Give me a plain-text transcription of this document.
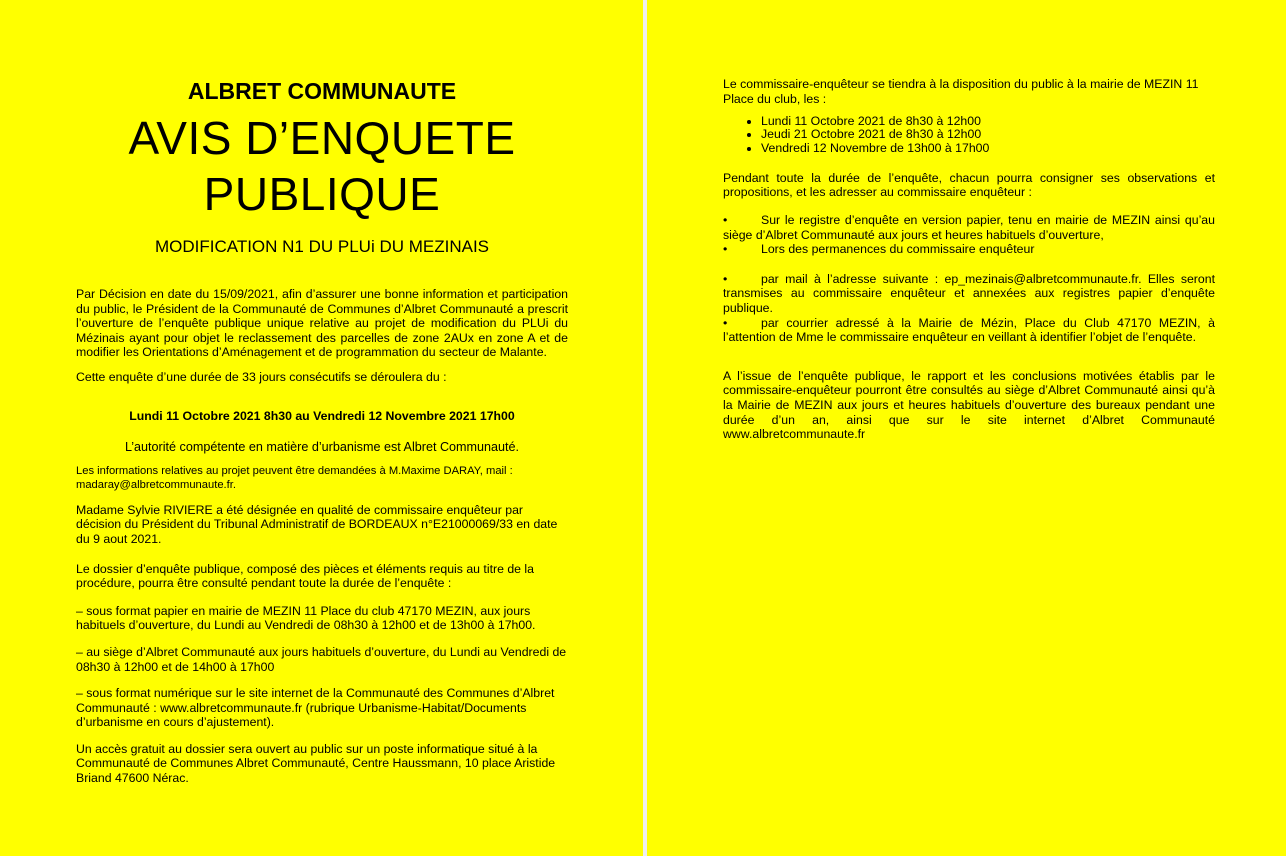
ALBRET COMMUNAUTE

AVIS D’ENQUETE
PUBLIQUE

MODIFICATION N1 DU PLUi DU MEZINAIS

Par Décision en date du 15/09/2021, afin d’assurer une bonne information et participation du public, le Président de la Communauté de Communes d’Albret Communauté a prescrit l’ouverture de l’enquête publique unique relative au projet de modification du PLUi du Mézinais ayant pour objet le reclassement des parcelles de zone 2AUx en zone A et de modifier les Orientations d’Aménagement et de programmation du secteur de Malante.

Cette enquête d’une durée de 33 jours consécutifs se déroulera du :

Lundi 11 Octobre 2021 8h30 au Vendredi 12 Novembre 2021 17h00

L’autorité compétente en matière d’urbanisme est Albret Communauté.

Les informations relatives au projet peuvent être demandées à M.Maxime DARAY, mail : madaray@albretcommunaute.fr.

Madame Sylvie RIVIERE a été désignée en qualité de commissaire enquêteur par décision du Président du Tribunal Administratif de BORDEAUX n°E21000069/33 en date du 9 aout 2021.

Le dossier d’enquête publique, composé des pièces et éléments requis au titre de la procédure, pourra être consulté pendant toute la durée de l’enquête :

– sous format papier en mairie de MEZIN 11 Place du club 47170 MEZIN, aux jours habituels d’ouverture, du Lundi au Vendredi de 08h30 à 12h00 et de 13h00 à 17h00.

– au siège d’Albret Communauté aux jours habituels d’ouverture, du Lundi au Vendredi de 08h30 à 12h00 et de 14h00 à 17h00

– sous format numérique sur le site internet de la Communauté des Communes d’Albret Communauté : www.albretcommunaute.fr (rubrique Urbanisme-Habitat/Documents d’urbanisme en cours d’ajustement).

Un accès gratuit au dossier sera ouvert au public sur un poste informatique situé à la Communauté de Communes Albret Communauté, Centre Haussmann, 10 place Aristide Briand 47600 Nérac.

Le commissaire-enquêteur se tiendra à la disposition du public à la mairie de MEZIN 11 Place du club, les :

• Lundi 11 Octobre 2021 de 8h30 à 12h00
• Jeudi 21 Octobre 2021 de 8h30 à 12h00
• Vendredi 12 Novembre de 13h00 à 17h00

Pendant toute la durée de l’enquête, chacun pourra consigner ses observations et propositions, et les adresser au commissaire enquêteur :

•	Sur le registre d’enquête en version papier, tenu en mairie de MEZIN ainsi qu’au siège d’Albret Communauté aux jours et heures habituels d’ouverture,

•	Lors des permanences du commissaire enquêteur

•	par mail à l’adresse suivante : ep_mezinais@albretcommunaute.fr. Elles seront transmises au commissaire enquêteur et annexées aux registres papier d’enquête publique.

•	par courrier adressé à la Mairie de Mézin, Place du Club 47170 MEZIN, à l’attention de Mme le commissaire enquêteur en veillant à identifier l’objet de l’enquête.

A l’issue de l’enquête publique, le rapport et les conclusions motivées établis par le commissaire-enquêteur pourront être consultés au siège d’Albret Communauté ainsi qu’à la Mairie de MEZIN aux jours et heures habituels d’ouverture des bureaux pendant une durée d’un an, ainsi que sur le site internet d’Albret Communauté www.albretcommunaute.fr
